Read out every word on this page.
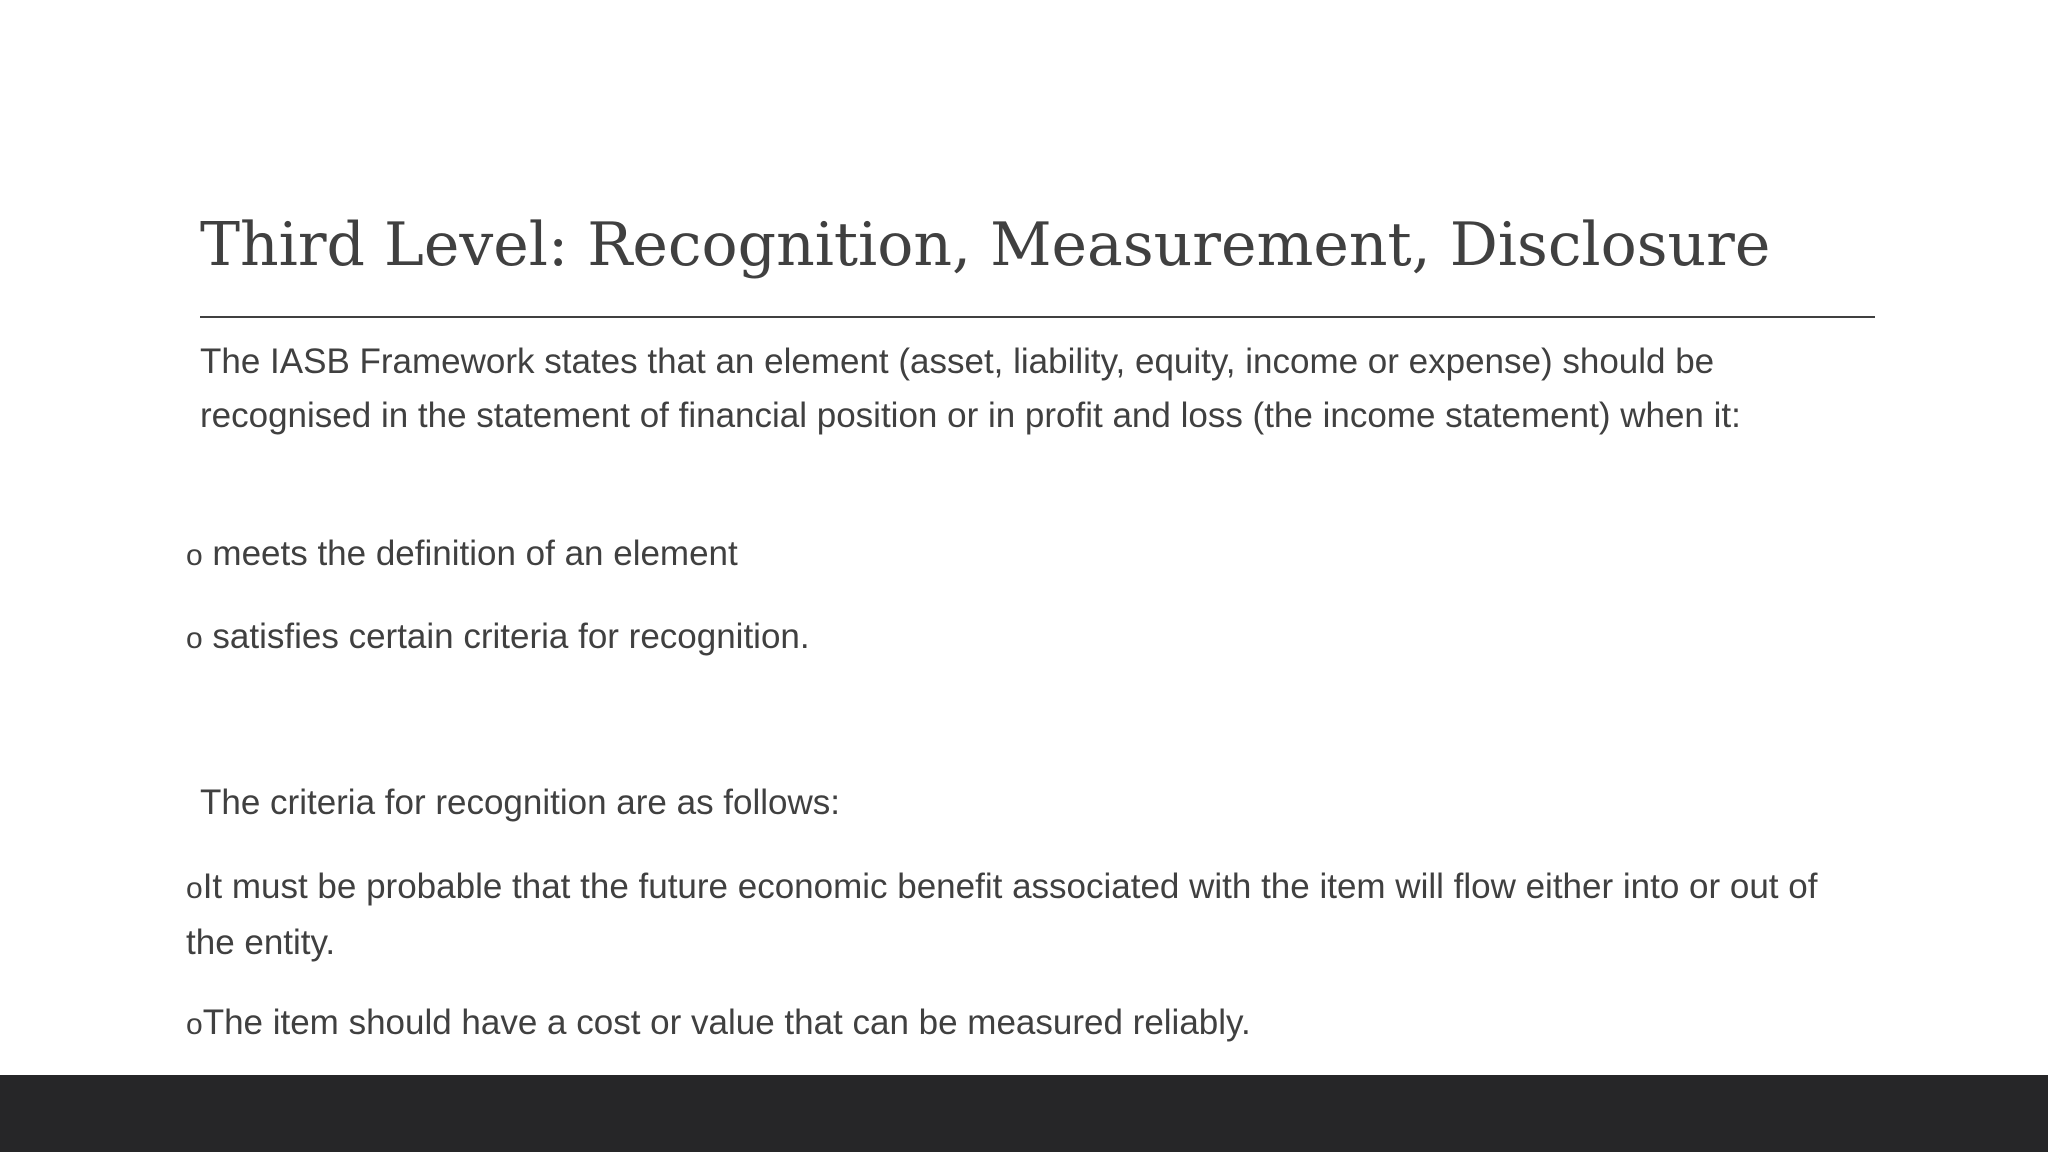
Third Level: Recognition, Measurement, Disclosure

The IASB Framework states that an element (asset, liability, equity, income or expense) should be recognised in the statement of financial position or in profit and loss (the income statement) when it:

o meets the definition of an element

o satisfies certain criteria for recognition.

The criteria for recognition are as follows:

oIt must be probable that the future economic benefit associated with the item will flow either into or out of the entity.

oThe item should have a cost or value that can be measured reliably.
